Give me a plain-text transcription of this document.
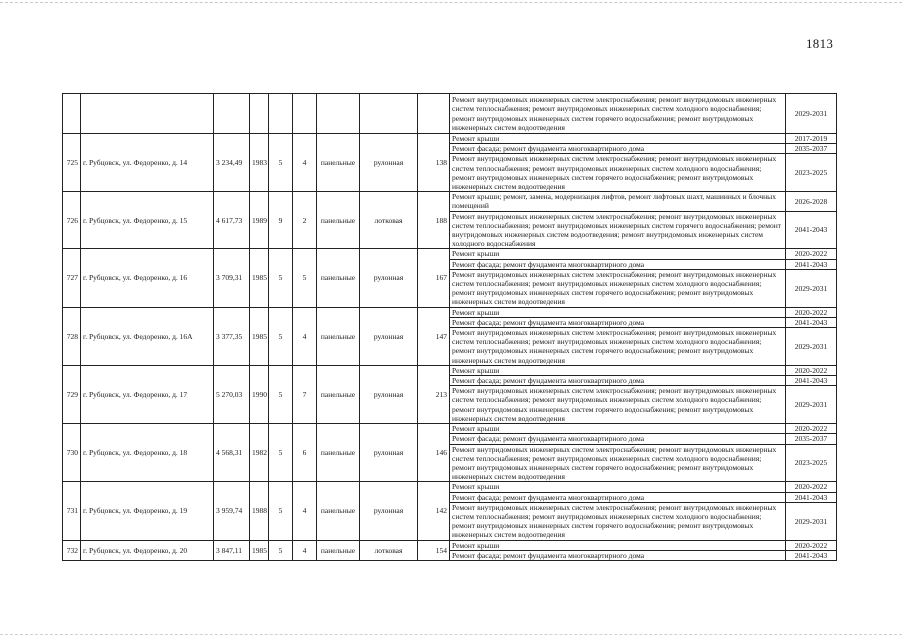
1813
									Ремонт внутридомовых инженерных систем электроснабжения; ремонт внутридомовых инженерных систем теплоснабжения; ремонт внутридомовых инженерных систем холодного водоснабжения; ремонт внутридомовых инженерных систем горячего водоснабжения; ремонт внутридомовых инженерных систем водоотведения	2029-2031
725	г. Рубцовск, ул. Федоренко, д. 14	3 234,49	1983	5	4	панельные	рулонная	138	Ремонт крыши	2017-2019
									Ремонт фасада; ремонт фундамента многоквартирного дома	2035-2037
									Ремонт внутридомовых инженерных систем электроснабжения; ремонт внутридомовых инженерных систем теплоснабжения; ремонт внутридомовых инженерных систем холодного водоснабжения; ремонт внутридомовых инженерных систем горячего водоснабжения; ремонт внутридомовых инженерных систем водоотведения	2023-2025
726	г. Рубцовск, ул. Федоренко, д. 15	4 617,73	1989	9	2	панельные	лотковая	188	Ремонт крыши; ремонт, замена, модернизация лифтов, ремонт лифтовых шахт, машинных и блочных помещений	2026-2028
									Ремонт внутридомовых инженерных систем электроснабжения; ремонт внутридомовых инженерных систем теплоснабжения; ремонт внутридомовых инженерных систем горячего водоснабжения; ремонт внутридомовых инженерных систем водоотведения; ремонт внутридомовых инженерных систем холодного водоснабжения	2041-2043
727	г. Рубцовск, ул. Федоренко, д. 16	3 709,31	1985	5	5	панельные	рулонная	167	Ремонт крыши	2020-2022
									Ремонт фасада; ремонт фундамента многоквартирного дома	2041-2043
									Ремонт внутридомовых инженерных систем электроснабжения; ремонт внутридомовых инженерных систем теплоснабжения; ремонт внутридомовых инженерных систем холодного водоснабжения; ремонт внутридомовых инженерных систем горячего водоснабжения; ремонт внутридомовых инженерных систем водоотведения	2029-2031
728	г. Рубцовск, ул. Федоренко, д. 16А	3 377,35	1985	5	4	панельные	рулонная	147	Ремонт крыши	2020-2022
									Ремонт фасада; ремонт фундамента многоквартирного дома	2041-2043
									Ремонт внутридомовых инженерных систем электроснабжения; ремонт внутридомовых инженерных систем теплоснабжения; ремонт внутридомовых инженерных систем холодного водоснабжения; ремонт внутридомовых инженерных систем горячего водоснабжения; ремонт внутридомовых инженерных систем водоотведения	2029-2031
729	г. Рубцовск, ул. Федоренко, д. 17	5 270,03	1990	5	7	панельные	рулонная	213	Ремонт крыши	2020-2022
									Ремонт фасада; ремонт фундамента многоквартирного дома	2041-2043
									Ремонт внутридомовых инженерных систем электроснабжения; ремонт внутридомовых инженерных систем теплоснабжения; ремонт внутридомовых инженерных систем холодного водоснабжения; ремонт внутридомовых инженерных систем горячего водоснабжения; ремонт внутридомовых инженерных систем водоотведения	2029-2031
730	г. Рубцовск, ул. Федоренко, д. 18	4 568,31	1982	5	6	панельные	рулонная	146	Ремонт крыши	2020-2022
									Ремонт фасада; ремонт фундамента многоквартирного дома	2035-2037
									Ремонт внутридомовых инженерных систем электроснабжения; ремонт внутридомовых инженерных систем теплоснабжения; ремонт внутридомовых инженерных систем холодного водоснабжения; ремонт внутридомовых инженерных систем горячего водоснабжения; ремонт внутридомовых инженерных систем водоотведения	2023-2025
731	г. Рубцовск, ул. Федоренко, д. 19	3 959,74	1988	5	4	панельные	рулонная	142	Ремонт крыши	2020-2022
									Ремонт фасада; ремонт фундамента многоквартирного дома	2041-2043
									Ремонт внутридомовых инженерных систем электроснабжения; ремонт внутридомовых инженерных систем теплоснабжения; ремонт внутридомовых инженерных систем холодного водоснабжения; ремонт внутридомовых инженерных систем горячего водоснабжения; ремонт внутридомовых инженерных систем водоотведения	2029-2031
732	г. Рубцовск, ул. Федоренко, д. 20	3 847,11	1985	5	4	панельные	лотковая	154	Ремонт крыши	2020-2022
									Ремонт фасада; ремонт фундамента многоквартирного дома	2041-2043
